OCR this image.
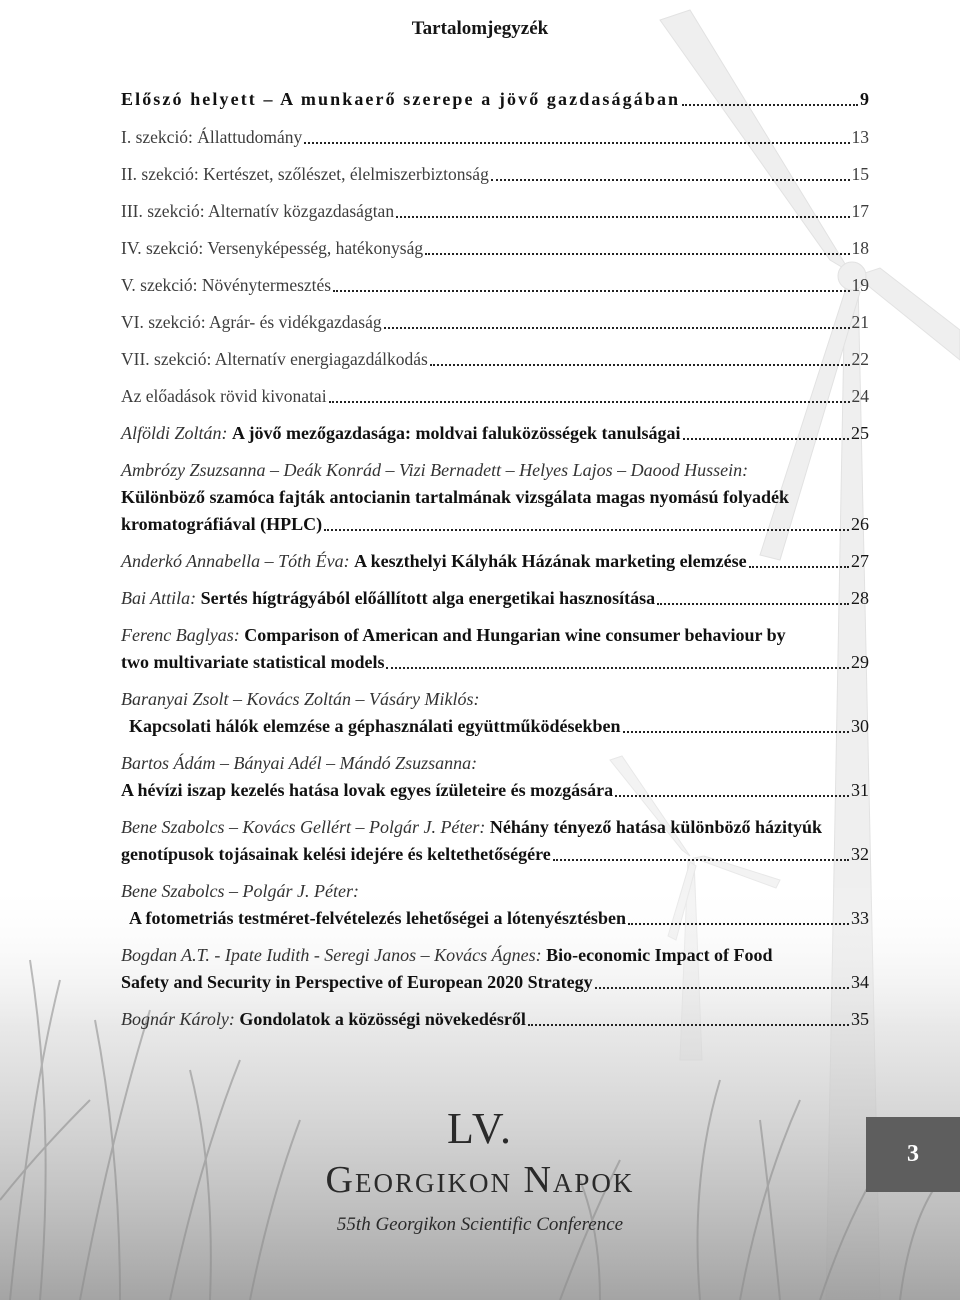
Tartalomjegyzék
Előszó helyett – A munkaerő szerepe a jövő gazdaságában	9
I. szekció: Állattudomány	13
II. szekció: Kertészet, szőlészet, élelmiszerbiztonság	15
III. szekció: Alternatív közgazdaságtan	17
IV. szekció: Versenyképesség, hatékonyság	18
V. szekció: Növénytermesztés	19
VI. szekció: Agrár- és vidékgazdaság	21
VII. szekció: Alternatív energiagazdálkodás	22
Az előadások rövid kivonatai	24
Alföldi Zoltán: A jövő mezőgazdasága: moldvai faluközösségek tanulságai	25
Ambrózy Zsuzsanna – Deák Konrád – Vizi Bernadett – Helyes Lajos – Daood Hussein:
Különböző szamóca fajták antocianin tartalmának vizsgálata magas nyomású folyadék
kromatográfiával (HPLC)	26
Anderkó Annabella – Tóth Éva: A keszthelyi Kályhák Házának marketing elemzése	27
Bai Attila: Sertés hígtrágyából előállított alga energetikai hasznosítása	28
Ferenc Baglyas: Comparison of American and Hungarian wine consumer behaviour by
two multivariate statistical models	29
Baranyai Zsolt – Kovács Zoltán – Vásáry Miklós:
Kapcsolati hálók elemzése a géphasználati együttműködésekben	30
Bartos Ádám – Bányai Adél – Mándó Zsuzsanna:
A hévízi iszap kezelés hatása lovak egyes ízületeire és mozgására	31
Bene Szabolcs – Kovács Gellért – Polgár J. Péter: Néhány tényező hatása különböző házityúk
genotípusok tojásainak kelési idejére és keltethetőségére	32
Bene Szabolcs – Polgár J. Péter:
A fotometriás testméret-felvételezés lehetőségei a lótenyésztésben	33
Bogdan A.T. - Ipate Iudith - Seregi Janos – Kovács Ágnes: Bio-economic Impact of Food
Safety and Security in Perspective of European 2020 Strategy	34
Bognár Károly: Gondolatok a közösségi növekedésről	35
LV.
Georgikon Napok
55th Georgikon Scientific Conference
3
